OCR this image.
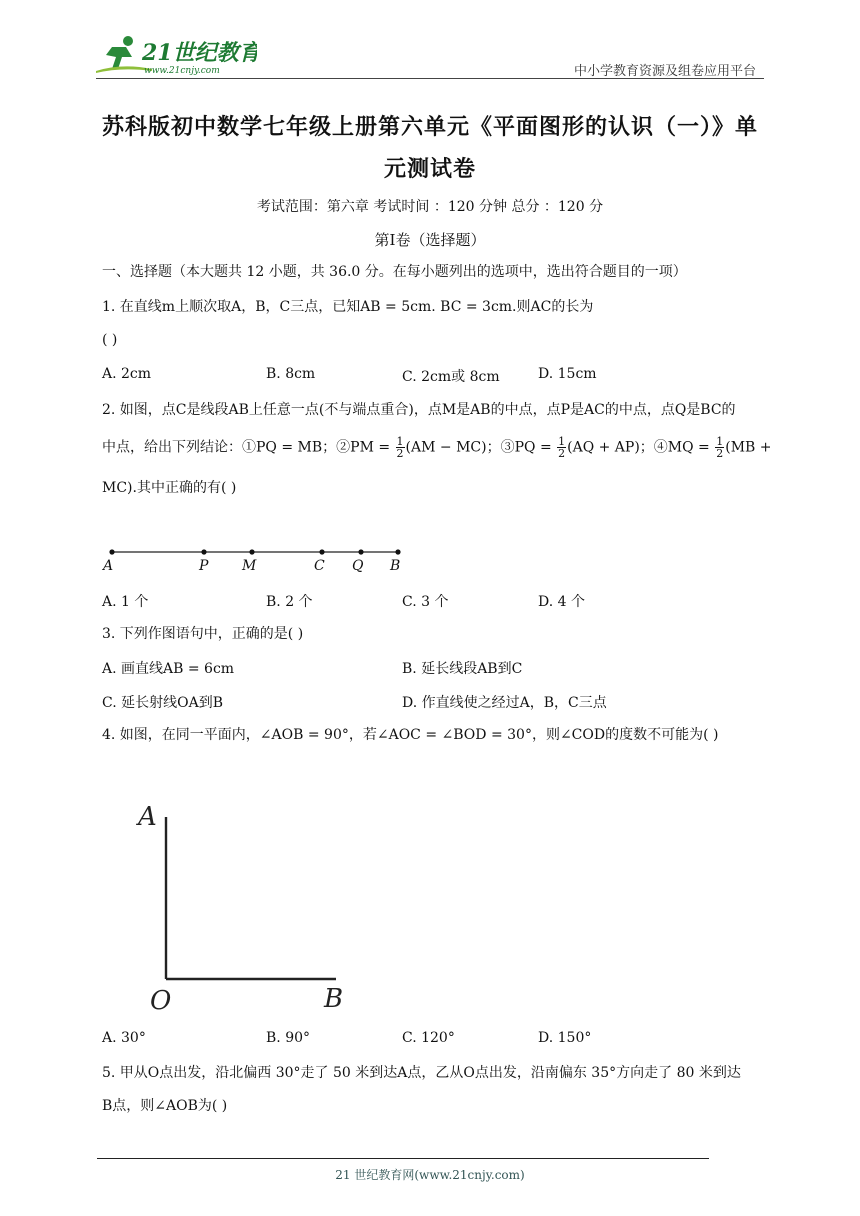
21世纪教育
www.21cnjy.com	中小学教育资源及组卷应用平台
苏科版初中数学七年级上册第六单元《平面图形的认识（一）》单
元测试卷
考试范围：第六章 考试时间 ：120 分钟 总分 ：120 分
第Ⅰ卷（选择题）
一、选择题（本大题共 12 小题，共 36.0 分。在每小题列出的选项中，选出符合题目的一项）
1. 在直线m上顺次取A，B，C三点，已知AB = 5cm. BC = 3cm.则AC的长为
( )
A. 2cm	B. 8cm	C. 2cm或 8cm	D. 15cm
2. 如图，点C是线段AB上任意一点(不与端点重合)，点M是AB的中点，点P是AC的中点，点Q是BC的
中点，给出下列结论：①PQ = MB；②PM = $\frac{1}{2} (AM - MC)$；③PQ = $\frac{1}{2} (AQ + AP)$；④MQ = $\frac{1}{2} (MB$ +
MC).其中正确的有( )
A	P M	C Q B
A. 1 个	B. 2 个	C. 3 个	D. 4 个
3. 下列作图语句中，正确的是( )
A. 画直线AB = 6cm	B. 延长线段AB到C
C. 延长射线OA到B	D. 作直线使之经过A，B，C三点
4. 如图，在同一平面内，∠AOB = 90°，若∠AOC = ∠BOD = 30°，则∠COD的度数不可能为( )
A
O	B
A. 30°	B. 90°	C. 120°	D. 150°
5. 甲从O点出发，沿北偏西 30°走了 50 米到达A点，乙从O点出发，沿南偏东 35°方向走了 80 米到达
B点，则∠AOB为( )
21 世纪教育网(www.21cnjy.com)
